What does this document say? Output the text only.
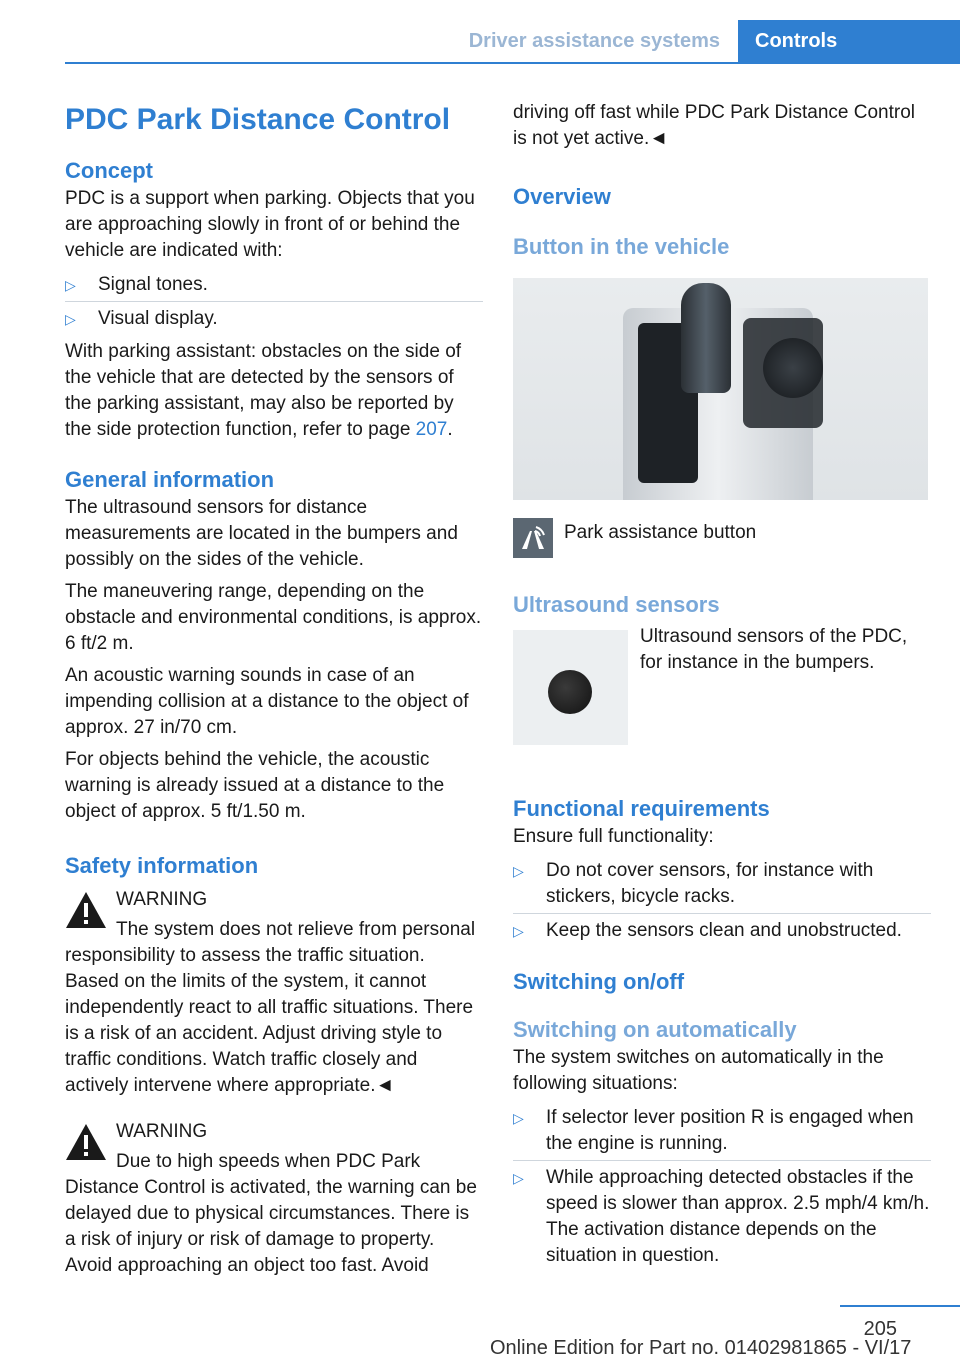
Driver assistance systems	Controls
PDC Park Distance Control
Concept

PDC is a support when parking. Objects that you are approaching slowly in front of or behind the vehicle are indicated with:

▷ Signal tones.
▷ Visual display.

With parking assistant: obstacles on the side of the vehicle that are detected by the sensors of the parking assistant, may also be reported by the side protection function, refer to page 207.

General information

The ultrasound sensors for distance measurements are located in the bumpers and possibly on the sides of the vehicle.

The maneuvering range, depending on the obstacle and environmental conditions, is approx. 6 ft/2 m.

An acoustic warning sounds in case of an impending collision at a distance to the object of approx. 27 in/70 cm.

For objects behind the vehicle, the acoustic warning is already issued at a distance to the object of approx. 5 ft/1.50 m.

Safety information
WARNING
The system does not relieve from personal responsibility to assess the traffic situation. Based on the limits of the system, it cannot independently react to all traffic situations. There is a risk of an accident. Adjust driving style to traffic conditions. Watch traffic closely and actively intervene where appropriate.◄
WARNING
Due to high speeds when PDC Park Distance Control is activated, the warning can be delayed due to physical circumstances. There is a risk of injury or risk of damage to property. Avoid approaching an object too fast. Avoid

driving off fast while PDC Park Distance Control is not yet active.◄

Overview
Button in the vehicle
Park assistance button
Ultrasound sensors
Ultrasound sensors of the PDC, for instance in the bumpers.
Functional requirements

Ensure full functionality:

▷ Do not cover sensors, for instance with stickers, bicycle racks.
▷ Keep the sensors clean and unobstructed.
Switching on/off
Switching on automatically

The system switches on automatically in the following situations:

▷ If selector lever position R is engaged when the engine is running.
▷ While approaching detected obstacles if the speed is slower than approx. 2.5 mph/4 km/h. The activation distance depends on the situation in question.
205
Online Edition for Part no. 01402981865 - VI/17
